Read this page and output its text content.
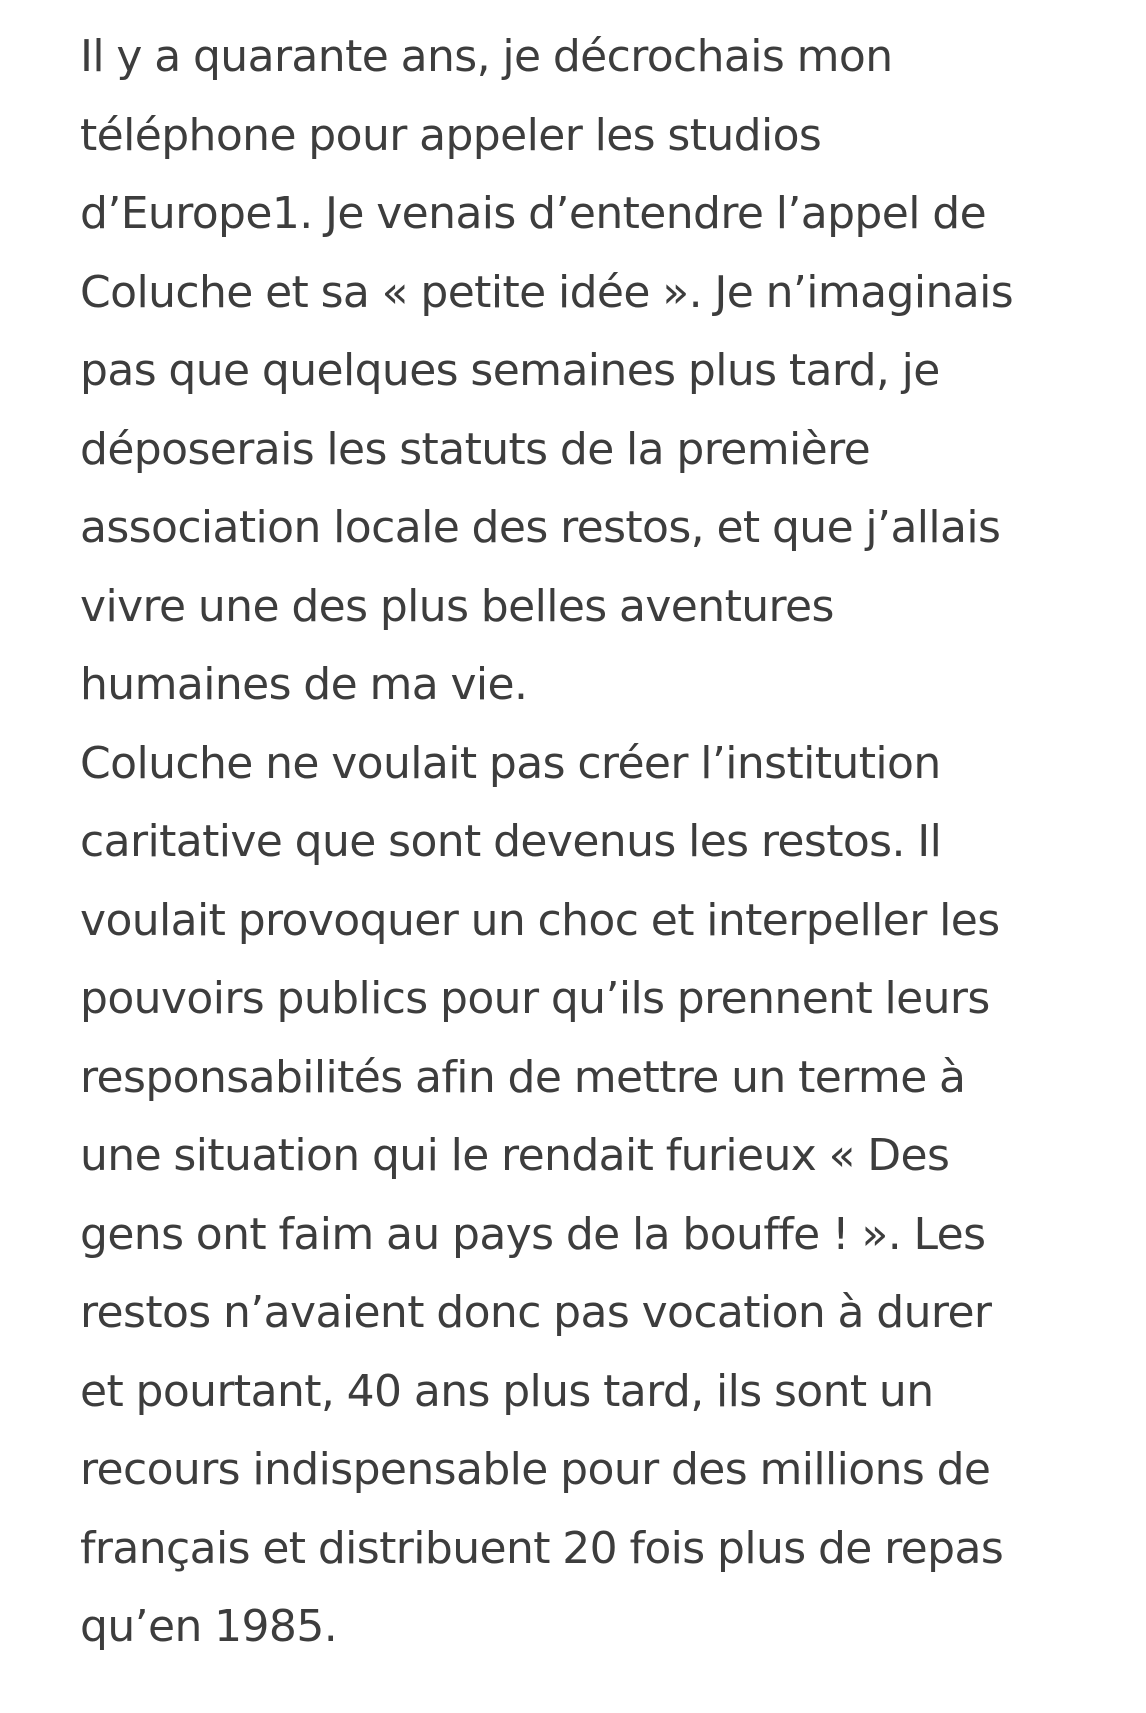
Il y a quarante ans, je décrochais mon
téléphone pour appeler les studios
d’Europe1. Je venais d’entendre l’appel de
Coluche et sa « petite idée ». Je n’imaginais
pas que quelques semaines plus tard, je
déposerais les statuts de la première
association locale des restos, et que j’allais
vivre une des plus belles aventures
humaines de ma vie.
Coluche ne voulait pas créer l’institution
caritative que sont devenus les restos. Il
voulait provoquer un choc et interpeller les
pouvoirs publics pour qu’ils prennent leurs
responsabilités afin de mettre un terme à
une situation qui le rendait furieux « Des
gens ont faim au pays de la bouffe ! ». Les
restos n’avaient donc pas vocation à durer
et pourtant, 40 ans plus tard, ils sont un
recours indispensable pour des millions de
français et distribuent 20 fois plus de repas
qu’en 1985.
